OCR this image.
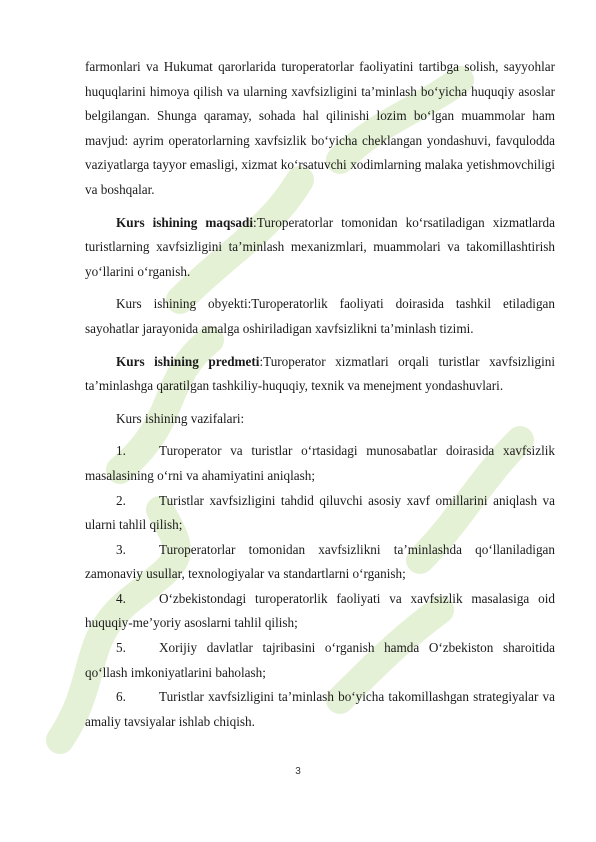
farmonlari va Hukumat qarorlarida turoperatorlar faoliyatini tartibga solish, sayyohlar huquqlarini himoya qilish va ularning xavfsizligini ta’minlash bo‘yicha huquqiy asoslar belgilangan. Shunga qaramay, sohada hal qilinishi lozim bo‘lgan muammolar ham mavjud: ayrim operatorlarning xavfsizlik bo‘yicha cheklangan yondashuvi, favqulodda vaziyatlarga tayyor emasligi, xizmat ko‘rsatuvchi xodimlarning malaka yetishmovchiligi va boshqalar.

Kurs ishining maqsadi:Turoperatorlar tomonidan ko‘rsatiladigan xizmatlarda turistlarning xavfsizligini ta’minlash mexanizmlari, muammolari va takomillashtirish yo‘llarini o‘rganish.

Kurs ishining obyekti:Turoperatorlik faoliyati doirasida tashkil etiladigan sayohatlar jarayonida amalga oshiriladigan xavfsizlikni ta’minlash tizimi.

Kurs ishining predmeti:Turoperator xizmatlari orqali turistlar xavfsizligini ta’minlashga qaratilgan tashkiliy-huquqiy, texnik va menejment yondashuvlari.

Kurs ishining vazifalari:

1.	Turoperator va turistlar o‘rtasidagi munosabatlar doirasida xavfsizlik masalasining o‘rni va ahamiyatini aniqlash;

2.	Turistlar xavfsizligini tahdid qiluvchi asosiy xavf omillarini aniqlash va ularni tahlil qilish;

3.	Turoperatorlar tomonidan xavfsizlikni ta’minlashda qo‘llaniladigan zamonaviy usullar, texnologiyalar va standartlarni o‘rganish;

4.	O‘zbekistondagi turoperatorlik faoliyati va xavfsizlik masalasiga oid huquqiy-me’yoriy asoslarni tahlil qilish;

5.	Xorijiy davlatlar tajribasini o‘rganish hamda O‘zbekiston sharoitida qo‘llash imkoniyatlarini baholash;

6.	Turistlar xavfsizligini ta’minlash bo‘yicha takomillashgan strategiyalar va amaliy tavsiyalar ishlab chiqish.

3
